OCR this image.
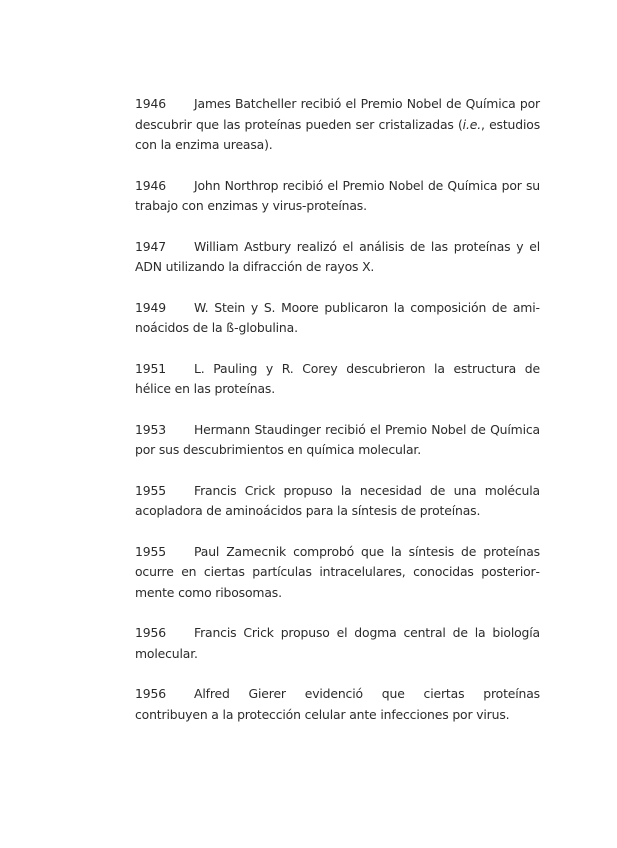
1946 James Batcheller recibió el Premio Nobel de Química por descubrir que las proteínas pueden ser cristalizadas (i.e., estudios con la enzima ureasa).

1946 John Northrop recibió el Premio Nobel de Química por su trabajo con enzimas y virus-proteínas.

1947 William Astbury realizó el análisis de las proteínas y el ADN utilizando la difracción de rayos X.

1949 W. Stein y S. Moore publicaron la composición de aminoácidos de la ß-globulina.

1951 L. Pauling y R. Corey descubrieron la estructura de hélice en las proteínas.

1953 Hermann Staudinger recibió el Premio Nobel de Química por sus descubrimientos en química molecular.

1955 Francis Crick propuso la necesidad de una molécula acopladora de aminoácidos para la síntesis de proteínas.

1955 Paul Zamecnik comprobó que la síntesis de proteínas ocurre en ciertas partículas intracelulares, conocidas posteriormente como ribosomas.

1956 Francis Crick propuso el dogma central de la biología molecular.

1956 Alfred Gierer evidenció que ciertas proteínas contribuyen a la protección celular ante infecciones por virus.
